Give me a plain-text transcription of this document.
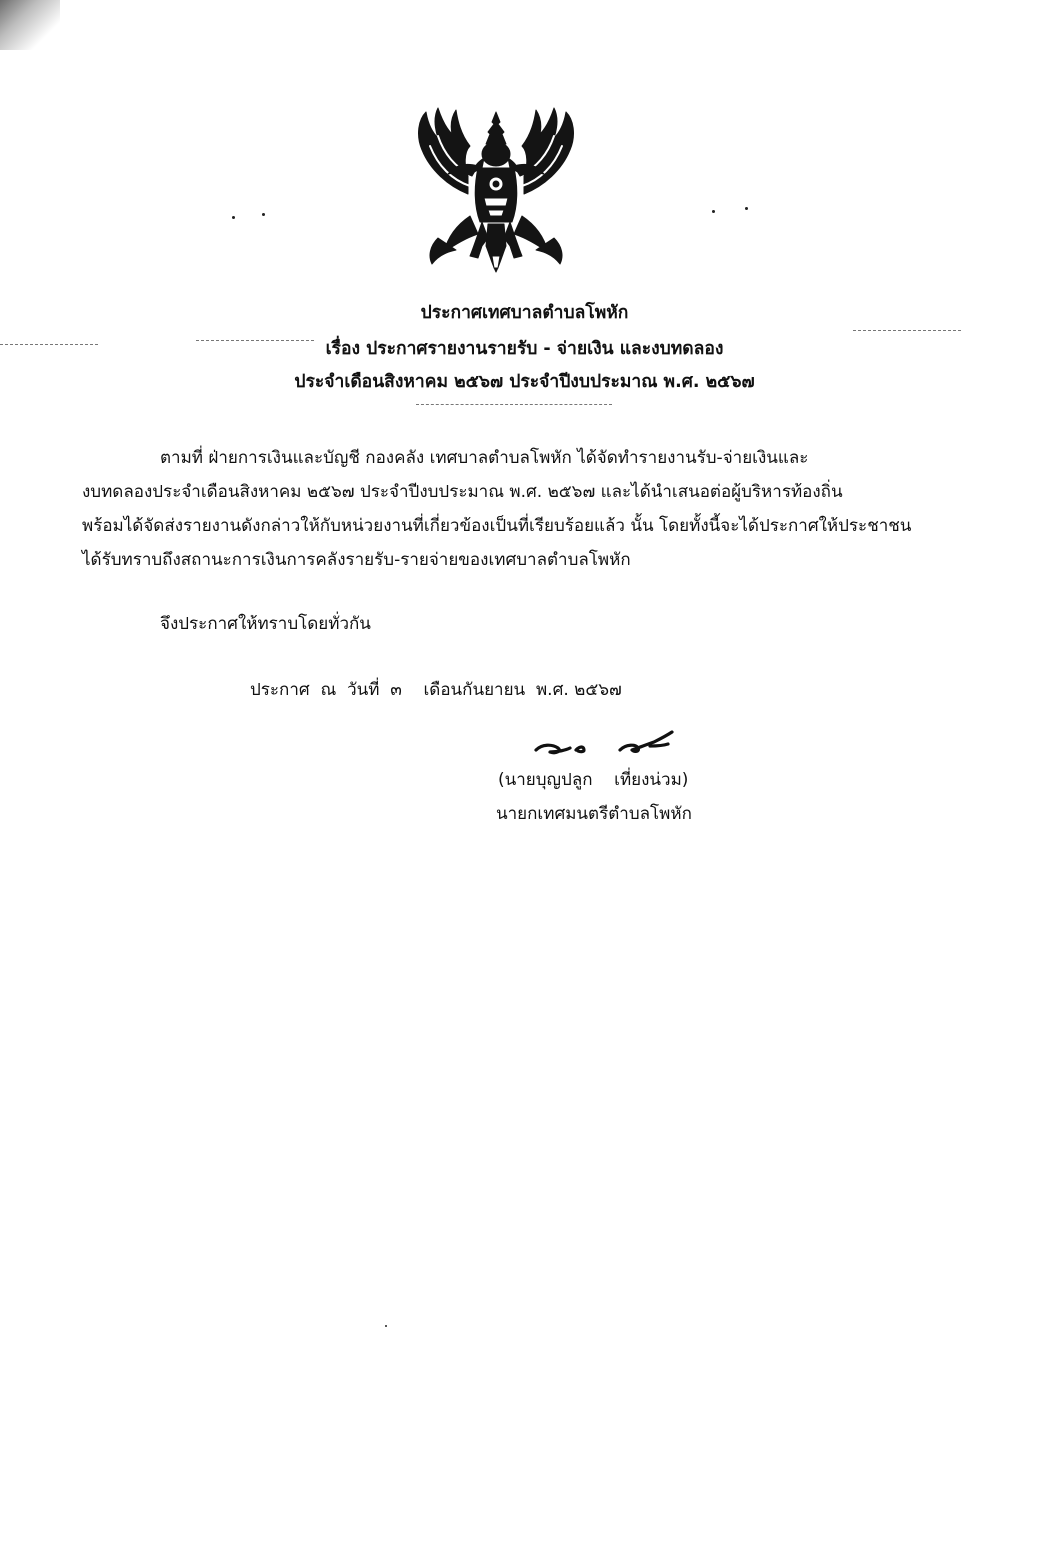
ประกาศเทศบาลตำบลโพหัก
เรื่อง ประกาศรายงานรายรับ - จ่ายเงิน และงบทดลอง
ประจำเดือนสิงหาคม ๒๕๖๗ ประจำปีงบประมาณ พ.ศ. ๒๕๖๗
ตามที่ ฝ่ายการเงินและบัญชี กองคลัง เทศบาลตำบลโพหัก ได้จัดทำรายงานรับ-จ่ายเงินและ
งบทดลองประจำเดือนสิงหาคม ๒๕๖๗ ประจำปีงบประมาณ พ.ศ. ๒๕๖๗ และได้นำเสนอต่อผู้บริหารท้องถิ่น
พร้อมได้จัดส่งรายงานดังกล่าวให้กับหน่วยงานที่เกี่ยวข้องเป็นที่เรียบร้อยแล้ว นั้น โดยทั้งนี้จะได้ประกาศให้ประชาชน
ได้รับทราบถึงสถานะการเงินการคลังรายรับ-รายจ่ายของเทศบาลตำบลโพหัก
จึงประกาศให้ทราบโดยทั่วกัน
ประกาศ  ณ  วันที่  ๓    เดือนกันยายน  พ.ศ. ๒๕๖๗
(นายบุญปลูก    เที่ยงน่วม)
นายกเทศมนตรีตำบลโพหัก
